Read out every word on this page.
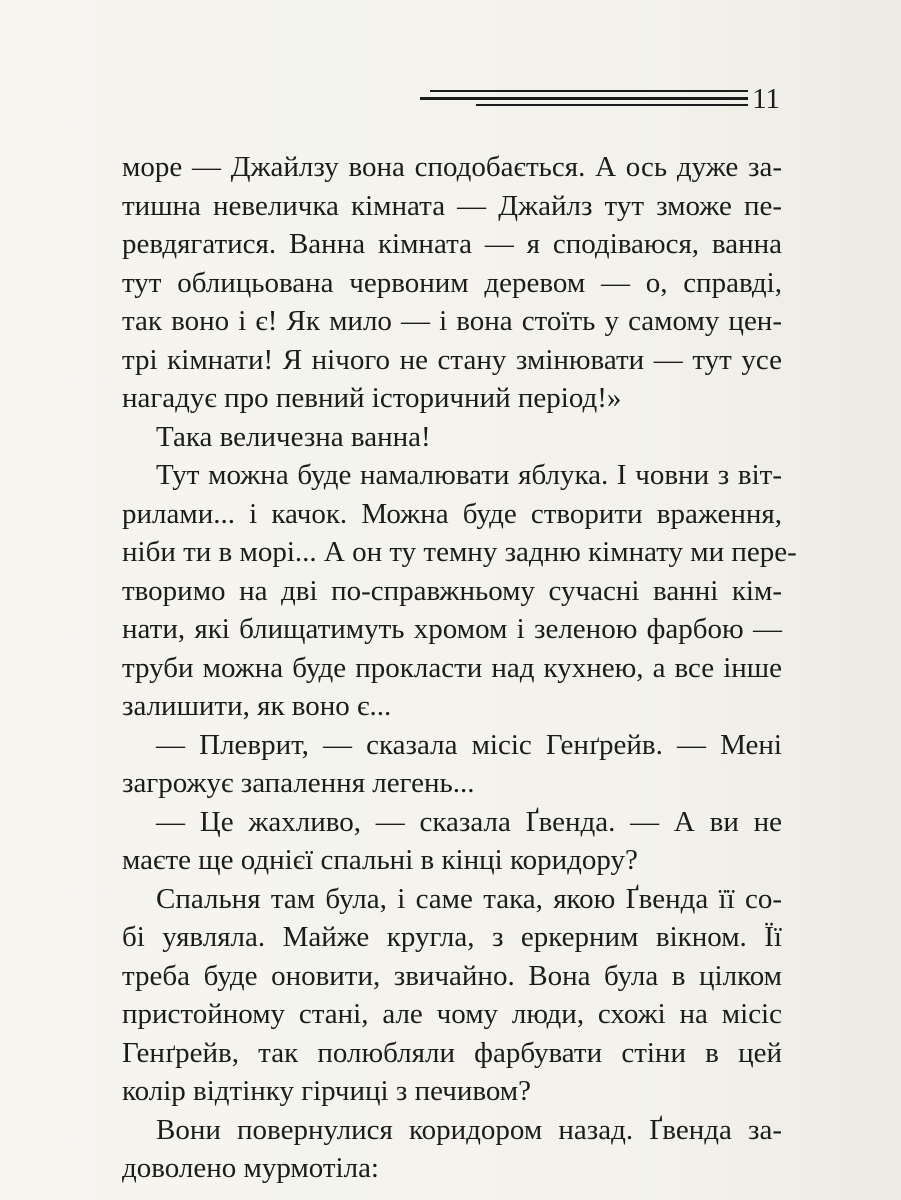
11

море — Джайлзу вона сподобається. А ось дуже за-
тишна невеличка кімната — Джайлз тут зможе пе-
ревдягатися. Ванна кімната — я сподіваюся, ванна
тут облицьована червоним деревом — о, справді,
так воно і є! Як мило — і вона стоїть у самому цен-
трі кімнати! Я нічого не стану змінювати — тут усе
нагадує про певний історичний період!»

Така величезна ванна!

Тут можна буде намалювати яблука. І човни з віт-
рилами... і качок. Можна буде створити враження,
ніби ти в морі... А он ту темну задню кімнату ми пере-
творимо на дві по-справжньому сучасні ванні кім-
нати, які блищатимуть хромом і зеленою фарбою —
труби можна буде прокласти над кухнею, а все інше
залишити, як воно є...

— Плеврит, — сказала місіс Генґрейв. — Мені
загрожує запалення легень...

— Це жахливо, — сказала Ґвенда. — А ви не
маєте ще однієї спальні в кінці коридору?

Спальня там була, і саме така, якою Ґвенда її со-
бі уявляла. Майже кругла, з еркерним вікном. Її
треба буде оновити, звичайно. Вона була в цілком
пристойному стані, але чому люди, схожі на місіс
Генґрейв, так полюбляли фарбувати стіни в цей
колір відтінку гірчиці з печивом?

Вони повернулися коридором назад. Ґвенда за-
доволено мурмотіла:
